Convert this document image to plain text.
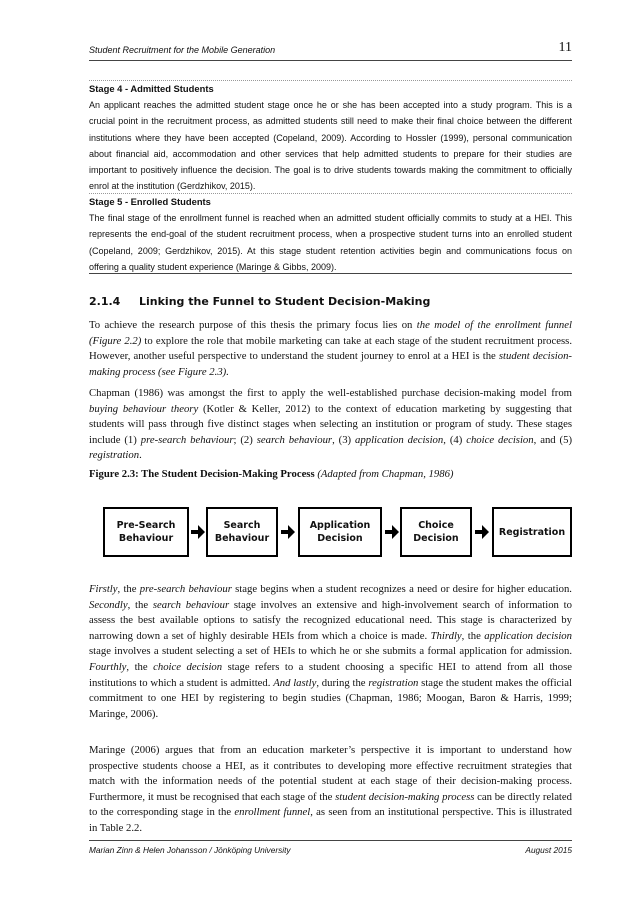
Student Recruitment for the Mobile Generation	11
Stage 4 - Admitted Students

An applicant reaches the admitted student stage once he or she has been accepted into a study program. This is a crucial point in the recruitment process, as admitted students still need to make their final choice between the different institutions where they have been accepted (Copeland, 2009). According to Hossler (1999), personal communication about financial aid, accommodation and other services that help admitted students to prepare for their studies are important to positively influence the decision. The goal is to drive students towards making the commitment to officially enrol at the institution (Gerdzhikov, 2015).

Stage 5 - Enrolled Students

The final stage of the enrollment funnel is reached when an admitted student officially commits to study at a HEI. This represents the end-goal of the student recruitment process, when a prospective student turns into an enrolled student (Copeland, 2009; Gerdzhikov, 2015). At this stage student retention activities begin and communications focus on offering a quality student experience (Maringe & Gibbs, 2009).

2.1.4 Linking the Funnel to Student Decision-Making

To achieve the research purpose of this thesis the primary focus lies on the model of the enrollment funnel (Figure 2.2) to explore the role that mobile marketing can take at each stage of the student recruitment process. However, another useful perspective to understand the student journey to enrol at a HEI is the student decision-making process (see Figure 2.3).

Chapman (1986) was amongst the first to apply the well-established purchase decision-making model from buying behaviour theory (Kotler & Keller, 2012) to the context of education marketing by suggesting that students will pass through five distinct stages when selecting an institution or program of study. These stages include (1) pre-search behaviour; (2) search behaviour, (3) application decision, (4) choice decision, and (5) registration.

Figure 2.3: The Student Decision-Making Process (Adapted from Chapman, 1986)
Pre-Search
Behaviour
Search
Behaviour
Application
Decision
Choice
Decision
Registration

Firstly, the pre-search behaviour stage begins when a student recognizes a need or desire for higher education. Secondly, the search behaviour stage involves an extensive and high-involvement search of information to assess the best available options to satisfy the recognized educational need. This stage is characterized by narrowing down a set of highly desirable HEIs from which a choice is made. Thirdly, the application decision stage involves a student selecting a set of HEIs to which he or she submits a formal application for admission. Fourthly, the choice decision stage refers to a student choosing a specific HEI to attend from all those institutions to which a student is admitted. And lastly, during the registration stage the student makes the official commitment to one HEI by registering to begin studies (Chapman, 1986; Moogan, Baron & Harris, 1999; Maringe, 2006).

Maringe (2006) argues that from an education marketer’s perspective it is important to understand how prospective students choose a HEI, as it contributes to developing more effective recruitment strategies that match with the information needs of the potential student at each stage of their decision-making process. Furthermore, it must be recognised that each stage of the student decision-making process can be directly related to the corresponding stage in the enrollment funnel, as seen from an institutional perspective. This is illustrated in Table 2.2.

Marian Zinn & Helen Johansson / Jönköping University	August 2015
